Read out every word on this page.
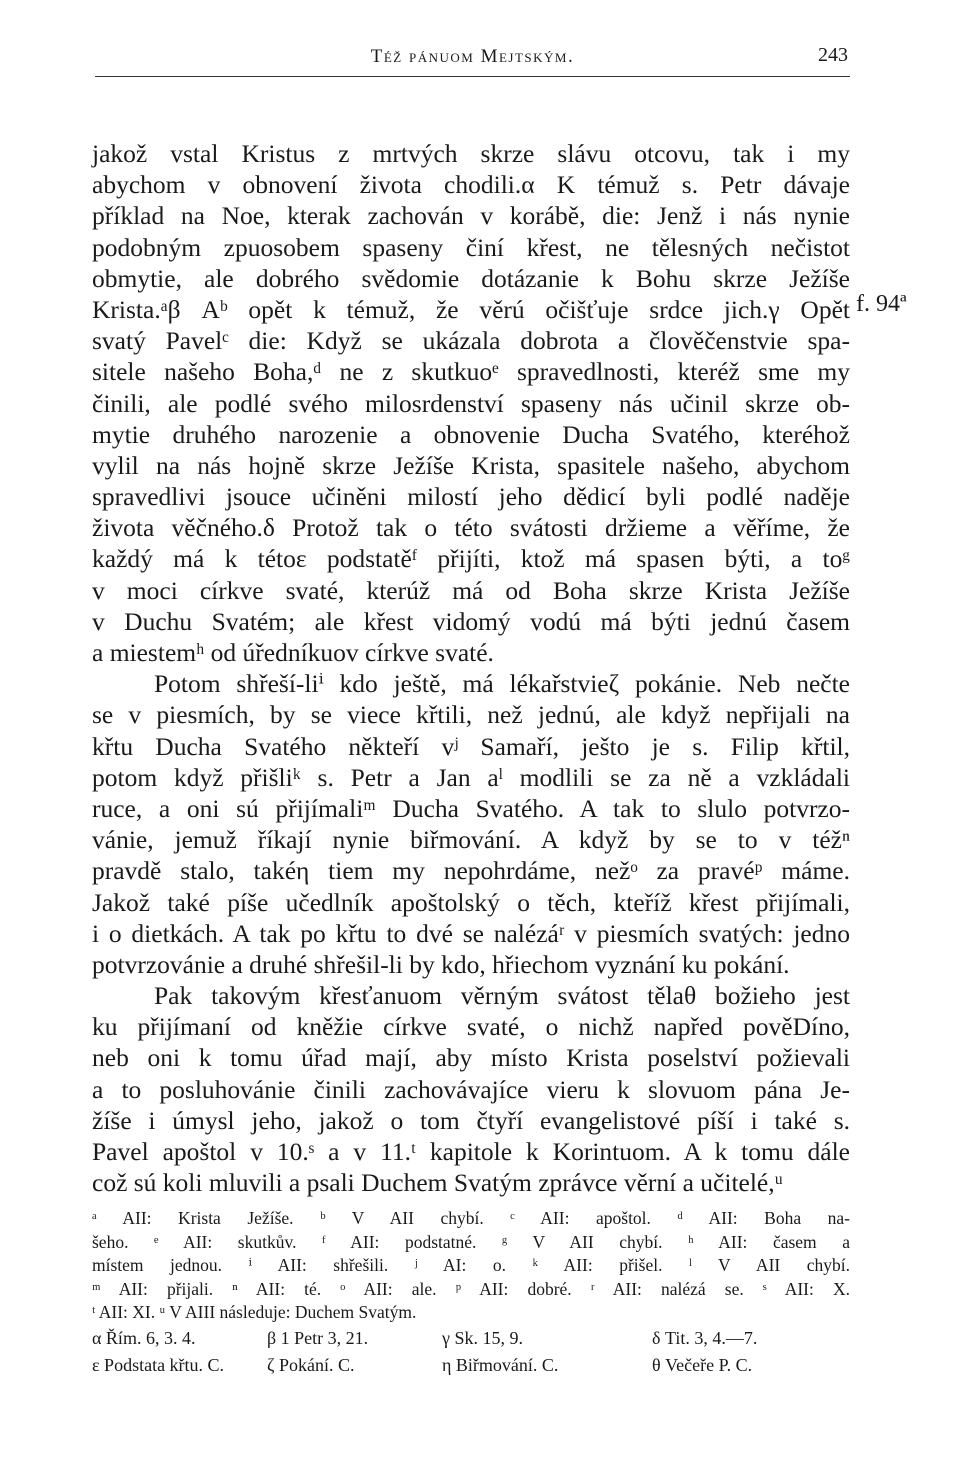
Též pánuom Mejtským.	243
f. 94ª
jakož vstal Kristus z mrtvých skrze slávu otcovu, tak i my
abychom v obnovení života chodili.α K témuž s. Petr dávaje
příklad na Noe, kterak zachován v korábě, die: Jenž i nás nynie
podobným zpuosobem spaseny činí křest, ne tělesných nečistot
obmytie, ale dobrého svědomie dotázanie k Bohu skrze Ježíše
Krista.ᵃβ Aᵇ opět k témuž, že věrú očišťuje srdce jich.γ Opět
svatý Pavelᶜ die: Když se ukázala dobrota a člověčenstvie spa-
sitele našeho Boha,ᵈ ne z skutkuoᵉ spravedlnosti, kteréž sme my
činili, ale podlé svého milosrdenství spaseny nás učinil skrze ob-
mytie druhého narozenie a obnovenie Ducha Svatého, kteréhož
vylil na nás hojně skrze Ježíše Krista, spasitele našeho, abychom
spravedlivi jsouce učiněni milostí jeho dědicí byli podlé naděje
života věčného.δ Protož tak o této svátosti držieme a věříme, že
každý má k tétoε podstatěᶠ přijíti, ktož má spasen býti, a toᵍ
v moci církve svaté, kterúž má od Boha skrze Krista Ježíše
v Duchu Svatém; ale křest vidomý vodú má býti jednú časem
a miestemʰ od úředníkuov církve svaté.
Potom shřeší-liⁱ kdo ještě, má lékařstvieζ pokánie. Neb nečte
se v piesmích, by se viece křtili, než jednú, ale když nepřijali na
křtu Ducha Svatého někteří vʲ Samaří, ješto je s. Filip křtil,
potom když přišliᵏ s. Petr a Jan aˡ modlili se za ně a vzkládali
ruce, a oni sú přijímaliᵐ Ducha Svatého. A tak to slulo potvrzo-
vánie, jemuž říkají nynie biřmování. A když by se to v téžⁿ
pravdě stalo, takéη tiem my nepohrdáme, nežᵒ za pravéᵖ máme.
Jakož také píše učedlník apoštolský o těch, kteříž křest přijímali,
i o dietkách. A tak po křtu to dvé se nalézáʳ v piesmích svatých: jedno
potvrzovánie a druhé shřešil-li by kdo, hřiechom vyznání ku pokání.
Pak takovým křesťanuom věrným svátost tělaθ božieho jest
ku přijímaní od kněžie církve svaté, o nichž napřed pověDíno,
neb oni k tomu úřad mají, aby místo Krista poselství požievali
a to posluhovánie činili zachovávajíce vieru k slovuom pána Je-
žíše i úmysl jeho, jakož o tom čtyří evangelistové píší i také s.
Pavel apoštol v 10.ˢ a v 11.ᵗ kapitole k Korintuom. A k tomu dále
což sú koli mluvili a psali Duchem Svatým zprávce věrní a učitelé,ᵘ
ᵃ AII: Krista Ježíše. ᵇ V AII chybí. ᶜ AII: apoštol. ᵈ AII: Boha na-
šeho. ᵉ AII: skutkův. ᶠ AII: podstatné. ᵍ V AII chybí. ʰ AII: časem a
místem jednou. ⁱ AII: shřešili. ʲ AI: o. ᵏ AII: přišel. ˡ V AII chybí.
ᵐ AII: přijali. ⁿ AII: té. ᵒ AII: ale. ᵖ AII: dobré. ʳ AII: nalézá se. ˢ AII: X.
ᵗ AII: XI. ᵘ V AIII následuje: Duchem Svatým.
α Řím. 6, 3. 4.	β 1 Petr 3, 21.	γ Sk. 15, 9.	δ Tit. 3, 4.—7.
ε Podstata křtu. C.	ζ Pokání. C.	η Biřmování. C.	θ Večeře P. C.
